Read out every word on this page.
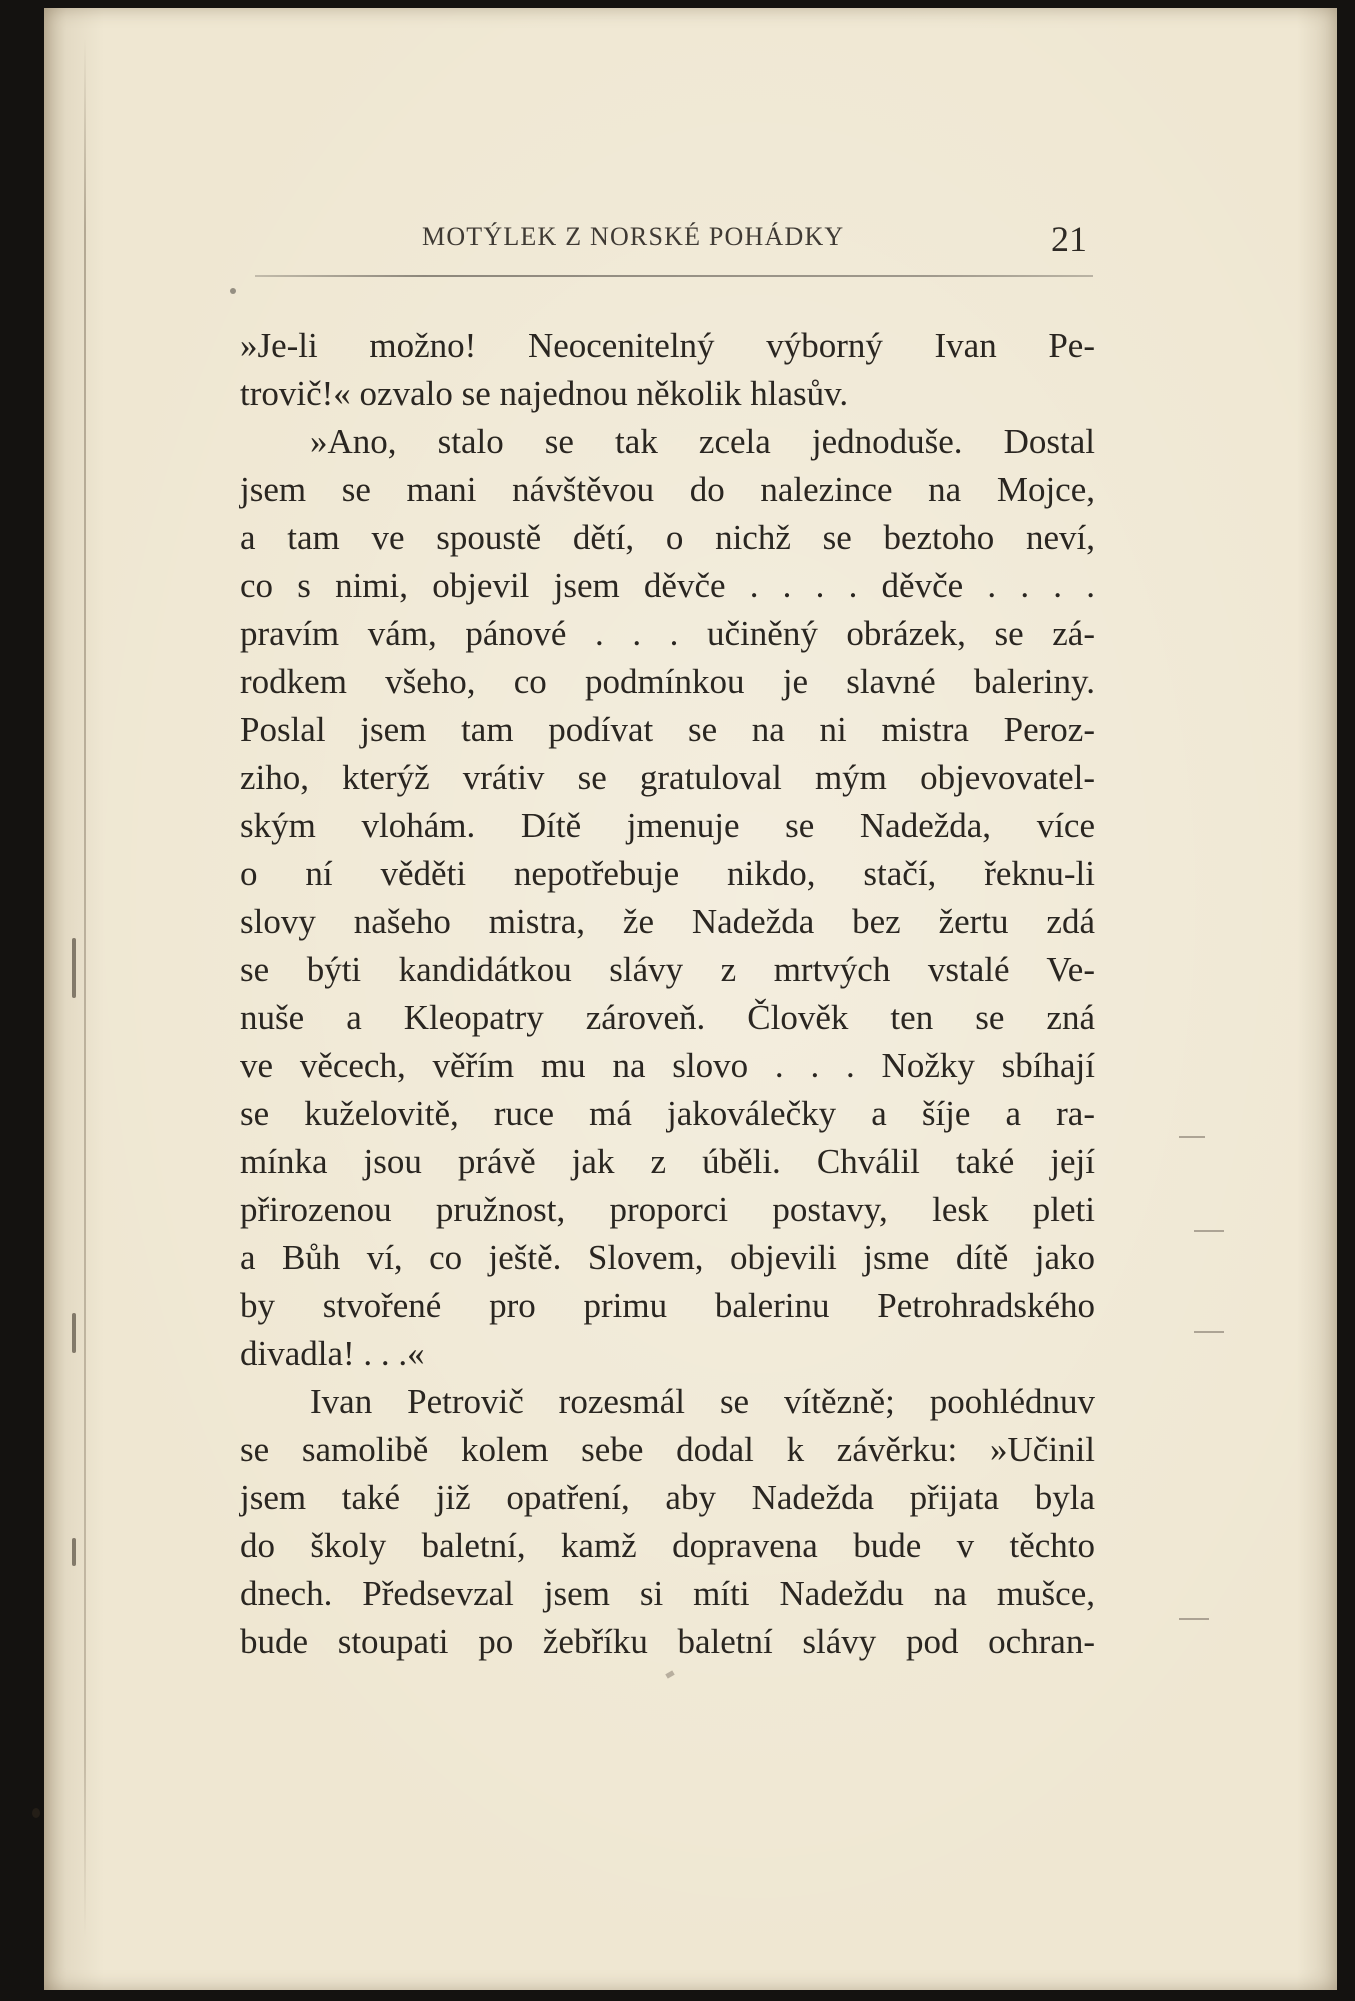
MOTÝLEK Z NORSKÉ POHÁDKY	21
»Je-li možno! Neocenitelný výborný Ivan Pe-
trovič!« ozvalo se najednou několik hlasův.
»Ano, stalo se tak zcela jednoduše. Dostal
jsem se mani návštěvou do nalezince na Mojce,
a tam ve spoustě dětí, o nichž se beztoho neví,
co s nimi, objevil jsem děvče . . . . děvče . . . .
pravím vám, pánové . . . učiněný obrázek, se zá-
rodkem všeho, co podmínkou je slavné baleriny.
Poslal jsem tam podívat se na ni mistra Peroz-
ziho, kterýž vrátiv se gratuloval mým objevovatel-
ským vlohám. Dítě jmenuje se Nadežda, více
o ní věděti nepotřebuje nikdo, stačí, řeknu-li
slovy našeho mistra, že Nadežda bez žertu zdá
se býti kandidátkou slávy z mrtvých vstalé Ve-
nuše a Kleopatry zároveň. Člověk ten se zná
ve věcech, věřím mu na slovo . . . Nožky sbíhají
se kuželovitě, ruce má jakoválečky a šíje a ra-
mínka jsou právě jak z úběli. Chválil také její
přirozenou pružnost, proporci postavy, lesk pleti
a Bůh ví, co ještě. Slovem, objevili jsme dítě jako
by stvořené pro primu balerinu Petrohradského
divadla! . . .«
Ivan Petrovič rozesmál se vítězně; poohlédnuv
se samolibě kolem sebe dodal k závěrku: »Učinil
jsem také již opatření, aby Nadežda přijata byla
do školy baletní, kamž dopravena bude v těchto
dnech. Předsevzal jsem si míti Nadeždu na mušce,
bude stoupati po žebříku baletní slávy pod ochran-
